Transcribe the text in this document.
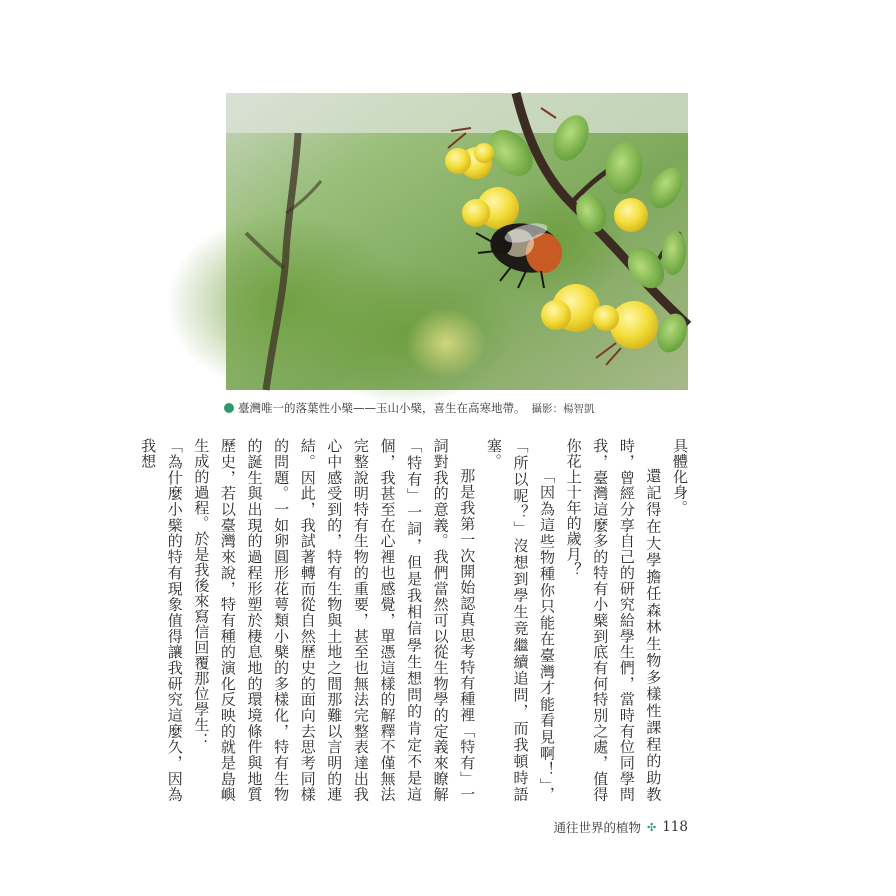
臺灣唯一的落葉性小檗——玉山小檗，喜生在高寒地帶。 攝影：楊智凱

具體化身。

還記得在大學擔任森林生物多樣性課程的助教時，曾經分享自己的研究給學生們，當時有位同學問我，臺灣這麼多的特有小檗到底有何特別之處，值得你花上十年的歲月？

「因為這些物種你只能在臺灣才能看見啊！」，「所以呢？」沒想到學生竟繼續追問，而我頓時語塞。

那是我第一次開始認真思考特有種裡「特有」一詞對我的意義。我們當然可以從生物學的定義來瞭解「特有」一詞，但是我相信學生想問的肯定不是這個，我甚至在心裡也感覺，單憑這樣的解釋不僅無法完整說明特有生物的重要，甚至也無法完整表達出我心中感受到的，特有生物與土地之間那難以言明的連結。因此，我試著轉而從自然歷史的面向去思考同樣的問題。一如卵圓形花萼類小檗的多樣化，特有生物的誕生與出現的過程形塑於棲息地的環境條件與地質歷史，若以臺灣來說，特有種的演化反映的就是島嶼生成的過程。於是我後來寫信回覆那位學生：

「為什麼小檗的特有現象值得讓我研究這麼久，因為我想

通往世界的植物 ✣ 118
